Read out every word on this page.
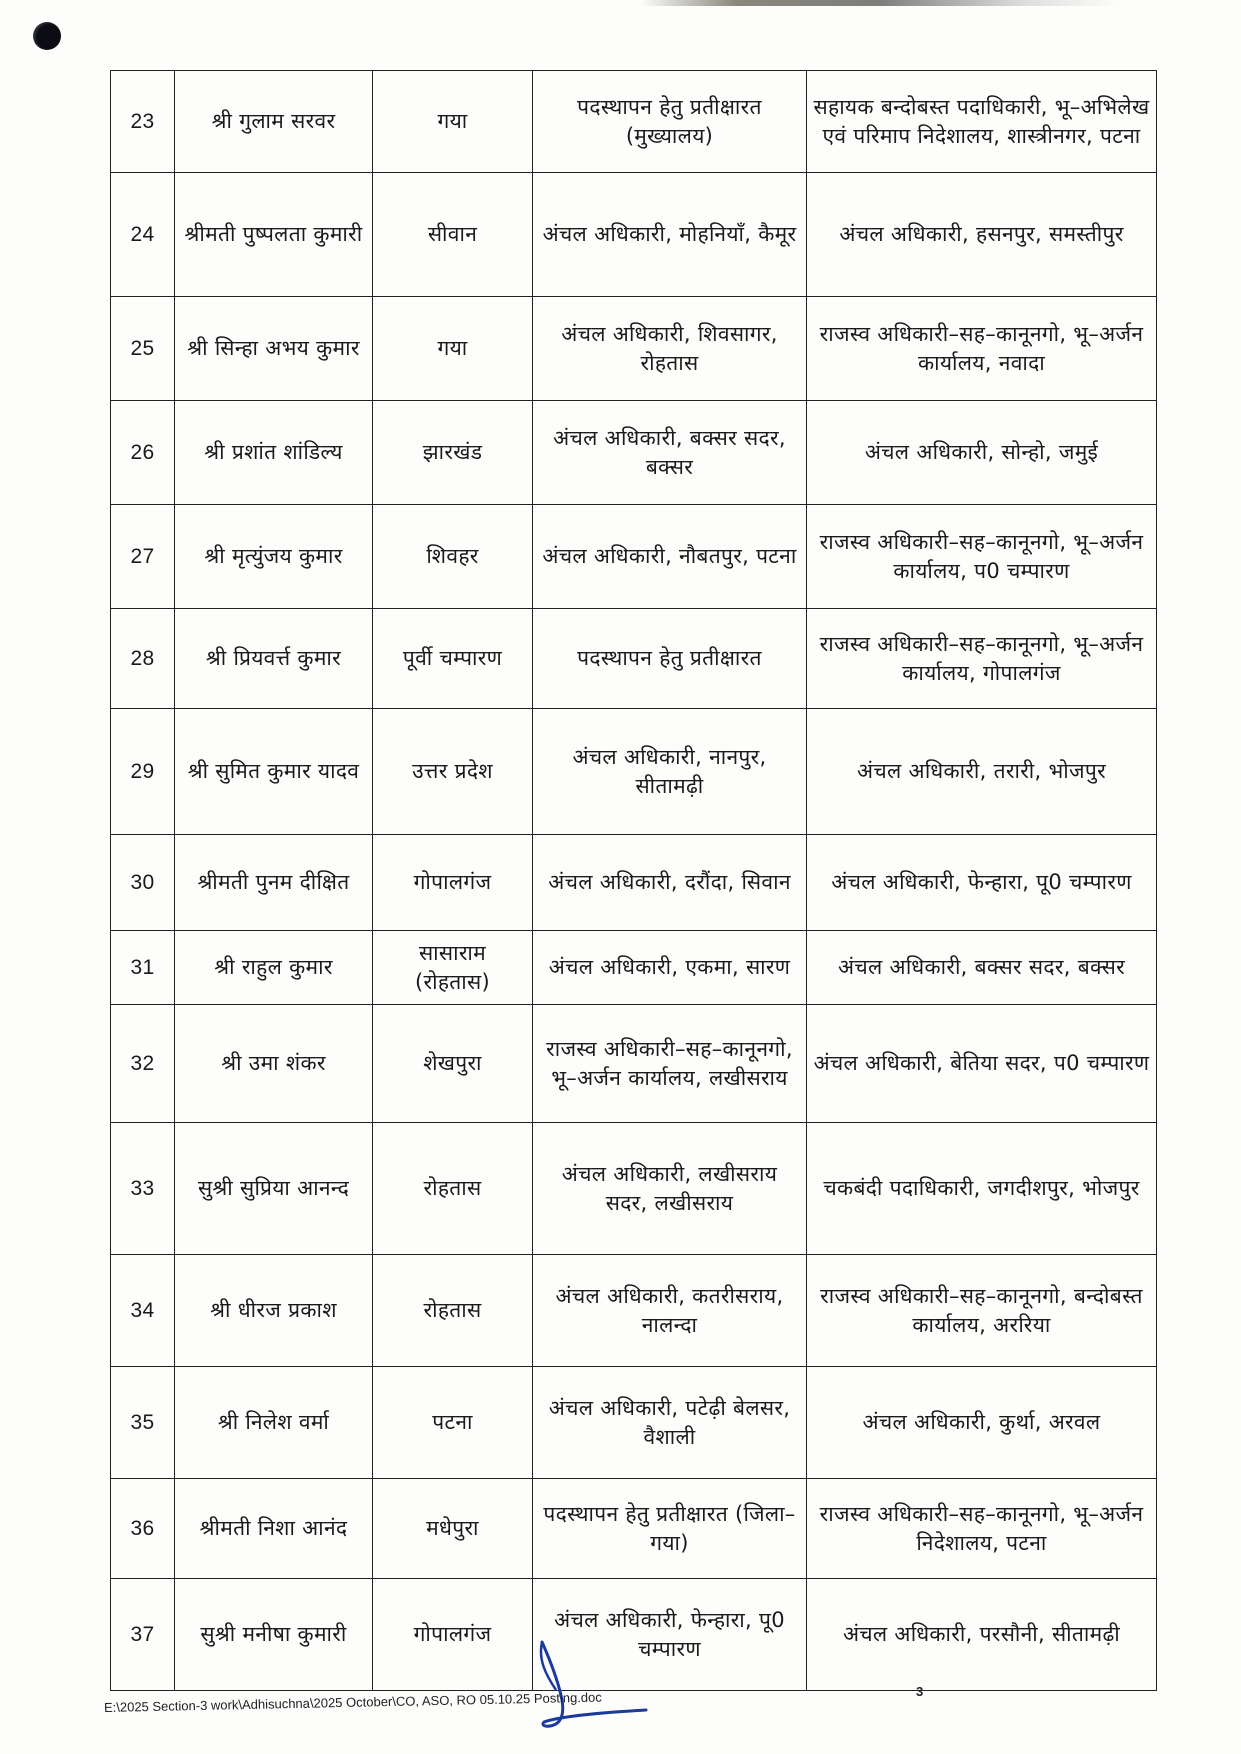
23	श्री गुलाम सरवर	गया	पदस्थापन हेतु प्रतीक्षारत (मुख्यालय)	सहायक बन्दोबस्त पदाधिकारी, भू–अभिलेख एवं परिमाप निदेशालय, शास्त्रीनगर, पटना
24	श्रीमती पुष्पलता कुमारी	सीवान	अंचल अधिकारी, मोहनियाँ, कैमूर	अंचल अधिकारी, हसनपुर, समस्तीपुर
25	श्री सिन्हा अभय कुमार	गया	अंचल अधिकारी, शिवसागर, रोहतास	राजस्व अधिकारी–सह–कानूनगो, भू–अर्जन कार्यालय, नवादा
26	श्री प्रशांत शांडिल्य	झारखंड	अंचल अधिकारी, बक्सर सदर, बक्सर	अंचल अधिकारी, सोन्हो, जमुई
27	श्री मृत्युंजय कुमार	शिवहर	अंचल अधिकारी, नौबतपुर, पटना	राजस्व अधिकारी–सह–कानूनगो, भू–अर्जन कार्यालय, प0 चम्पारण
28	श्री प्रियवर्त्त कुमार	पूर्वी चम्पारण	पदस्थापन हेतु प्रतीक्षारत	राजस्व अधिकारी–सह–कानूनगो, भू–अर्जन कार्यालय, गोपालगंज
29	श्री सुमित कुमार यादव	उत्तर प्रदेश	अंचल अधिकारी, नानपुर, सीतामढ़ी	अंचल अधिकारी, तरारी, भोजपुर
30	श्रीमती पुनम दीक्षित	गोपालगंज	अंचल अधिकारी, दरौंदा, सिवान	अंचल अधिकारी, फेन्हारा, पू0 चम्पारण
31	श्री राहुल कुमार	सासाराम (रोहतास)	अंचल अधिकारी, एकमा, सारण	अंचल अधिकारी, बक्सर सदर, बक्सर
32	श्री उमा शंकर	शेखपुरा	राजस्व अधिकारी–सह–कानूनगो, भू–अर्जन कार्यालय, लखीसराय	अंचल अधिकारी, बेतिया सदर, प0 चम्पारण
33	सुश्री सुप्रिया आनन्द	रोहतास	अंचल अधिकारी, लखीसराय सदर, लखीसराय	चकबंदी पदाधिकारी, जगदीशपुर, भोजपुर
34	श्री धीरज प्रकाश	रोहतास	अंचल अधिकारी, कतरीसराय, नालन्दा	राजस्व अधिकारी–सह–कानूनगो, बन्दोबस्त कार्यालय, अररिया
35	श्री निलेश वर्मा	पटना	अंचल अधिकारी, पटेढ़ी बेलसर, वैशाली	अंचल अधिकारी, कुर्था, अरवल
36	श्रीमती निशा आनंद	मधेपुरा	पदस्थापन हेतु प्रतीक्षारत (जिला–गया)	राजस्व अधिकारी–सह–कानूनगो, भू–अर्जन निदेशालय, पटना
37	सुश्री मनीषा कुमारी	गोपालगंज	अंचल अधिकारी, फेन्हारा, पू0 चम्पारण	अंचल अधिकारी, परसौनी, सीतामढ़ी
E:\2025 Section-3 work\Adhisuchna\2025 October\CO, ASO, RO 05.10.25 Posting.doc	3
